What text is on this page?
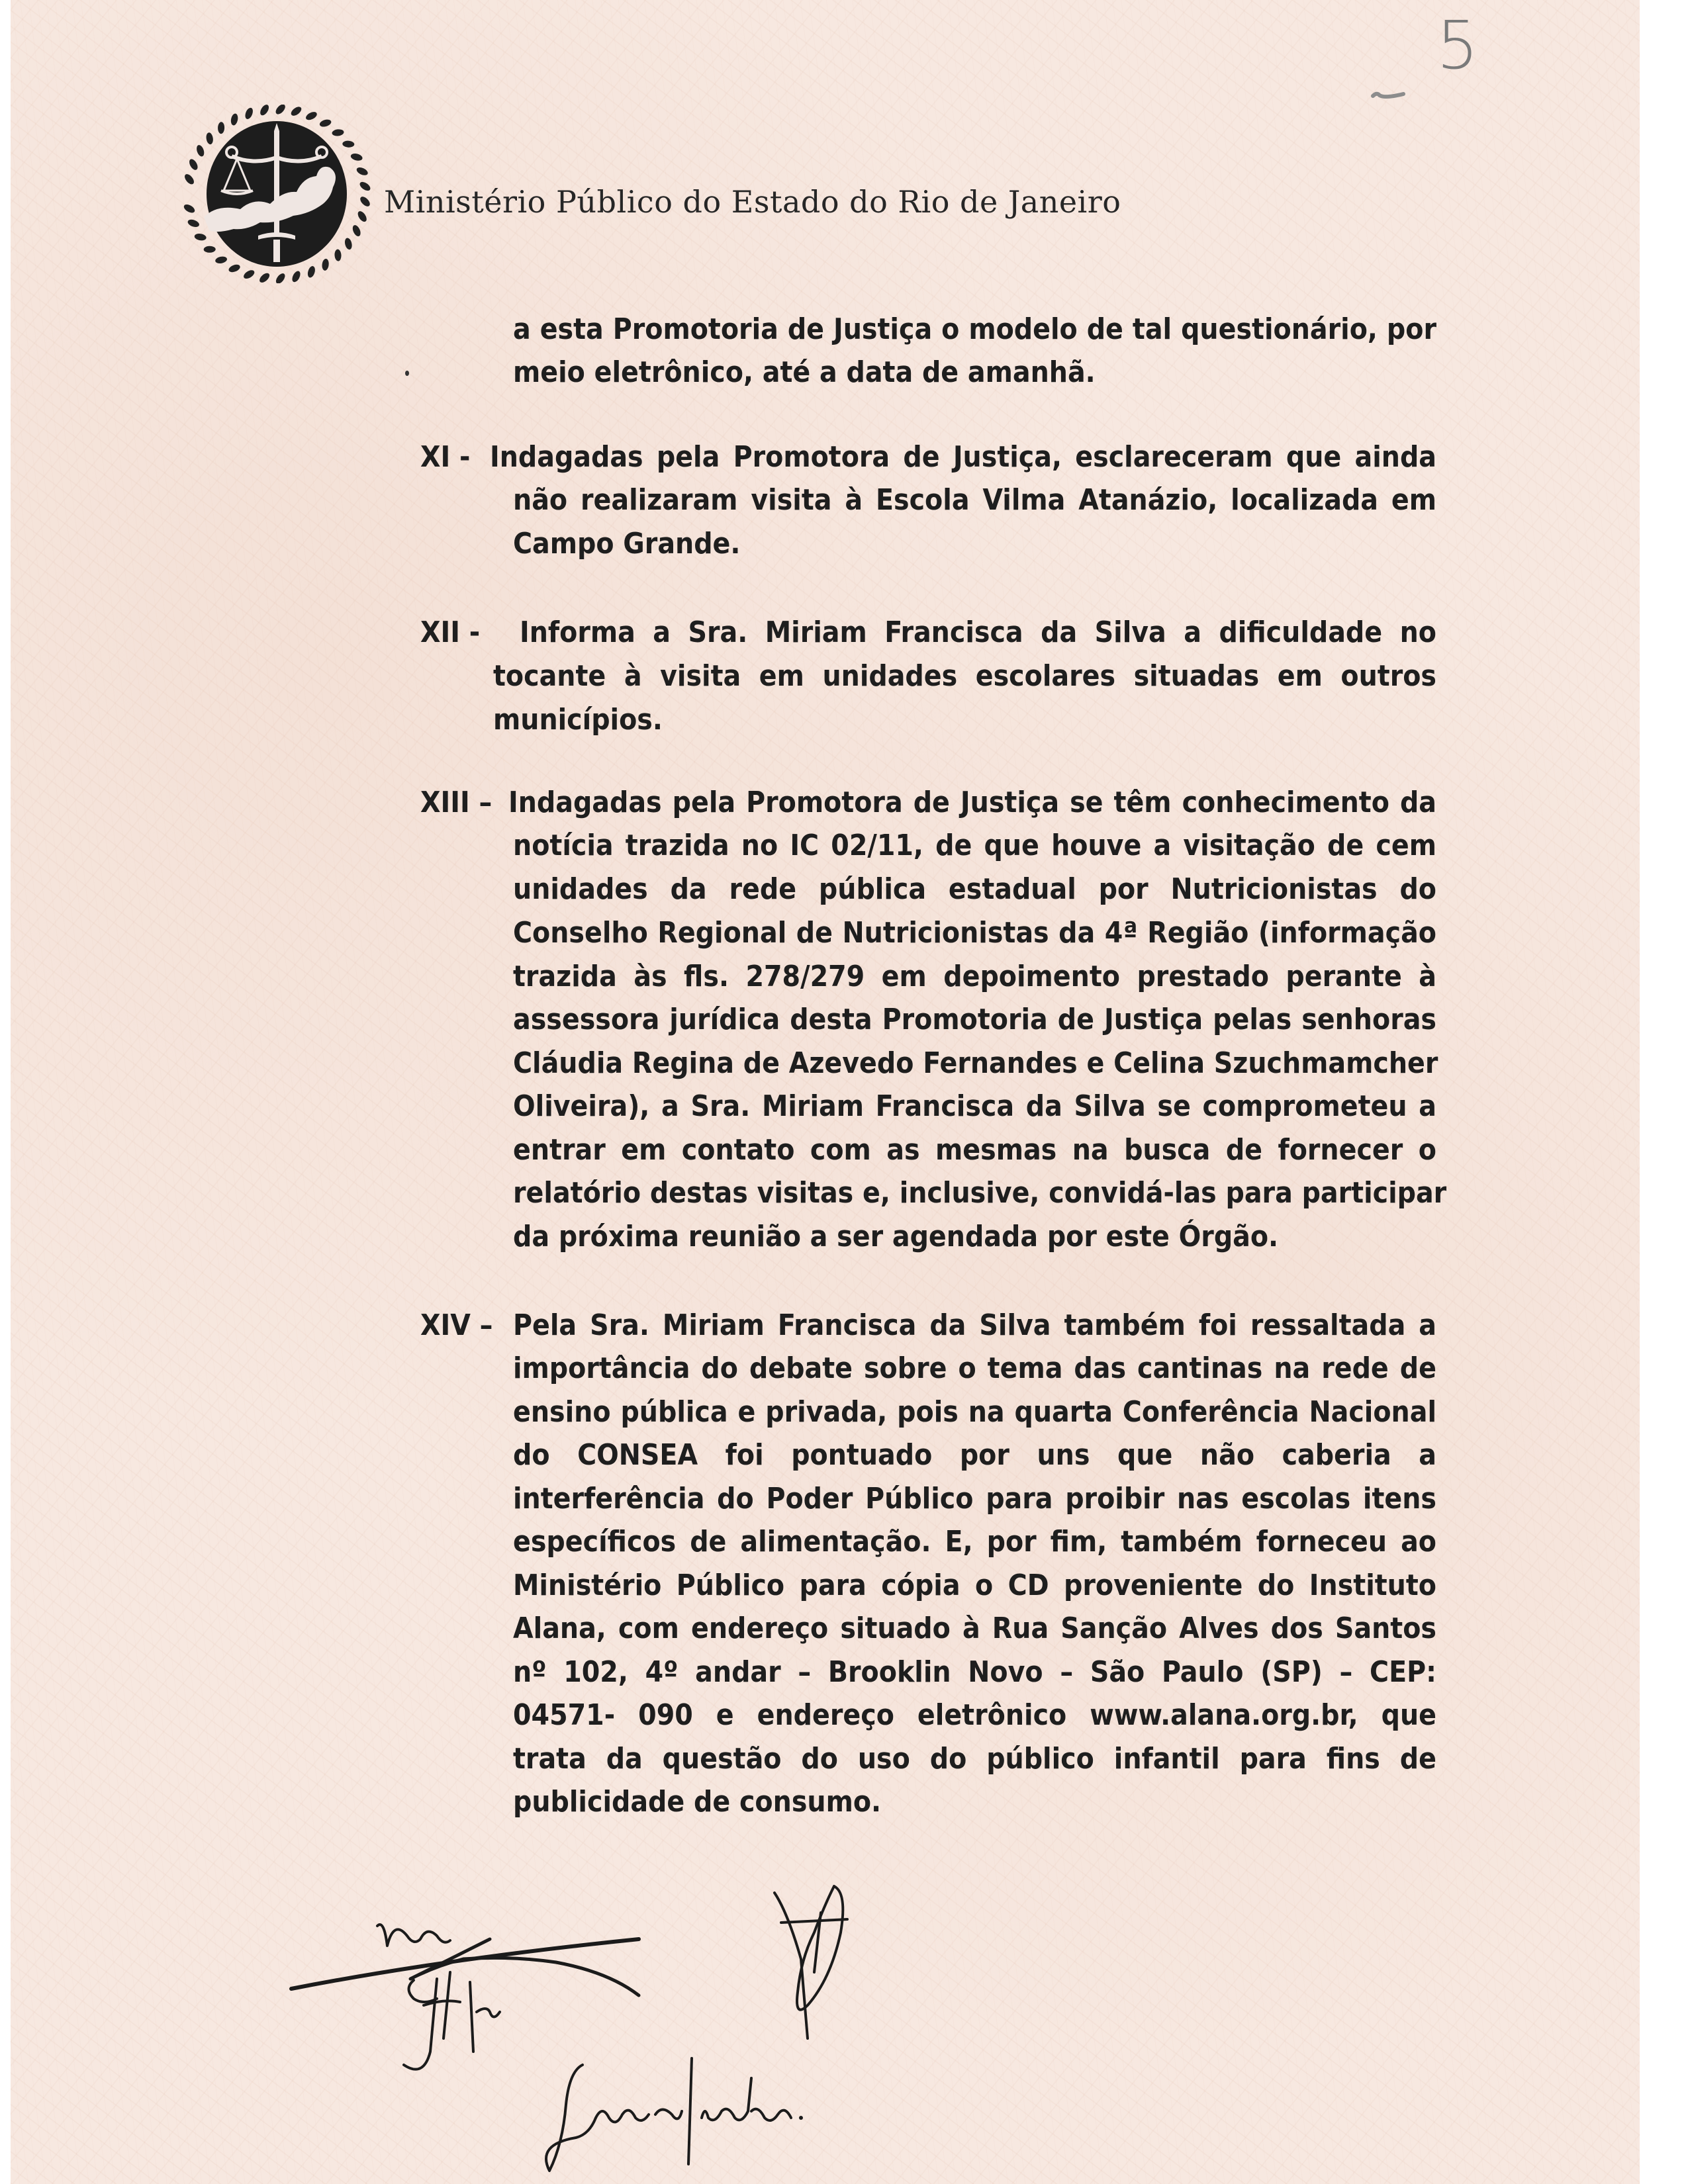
5
Ministério Público do Estado do Rio de Janeiro
a esta Promotoria de Justiça o modelo de tal questionário, por
meio eletrônico, até a data de amanhã.
XI - Indagadas pela Promotora de Justiça, esclareceram que ainda
não realizaram visita à Escola Vilma Atanázio, localizada em
Campo Grande.
XII - Informa a Sra. Miriam Francisca da Silva a dificuldade no
tocante à visita em unidades escolares situadas em outros
municípios.
XIII – Indagadas pela Promotora de Justiça se têm conhecimento da
notícia trazida no IC 02/11, de que houve a visitação de cem
unidades da rede pública estadual por Nutricionistas do
Conselho Regional de Nutricionistas da 4ª Região (informação
trazida às fls. 278/279 em depoimento prestado perante à
assessora jurídica desta Promotoria de Justiça pelas senhoras
Cláudia Regina de Azevedo Fernandes e Celina Szuchmamcher
Oliveira), a Sra. Miriam Francisca da Silva se comprometeu a
entrar em contato com as mesmas na busca de fornecer o
relatório destas visitas e, inclusive, convidá-las para participar
da próxima reunião a ser agendada por este Órgão.
XIV – Pela Sra. Miriam Francisca da Silva também foi ressaltada a
importância do debate sobre o tema das cantinas na rede de
ensino pública e privada, pois na quarta Conferência Nacional
do CONSEA foi pontuado por uns que não caberia a
interferência do Poder Público para proibir nas escolas itens
específicos de alimentação. E, por fim, também forneceu ao
Ministério Público para cópia o CD proveniente do Instituto
Alana, com endereço situado à Rua Sanção Alves dos Santos
nº 102, 4º andar – Brooklin Novo – São Paulo (SP) – CEP:
04571- 090 e endereço eletrônico www.alana.org.br, que
trata da questão do uso do público infantil para fins de
publicidade de consumo.
